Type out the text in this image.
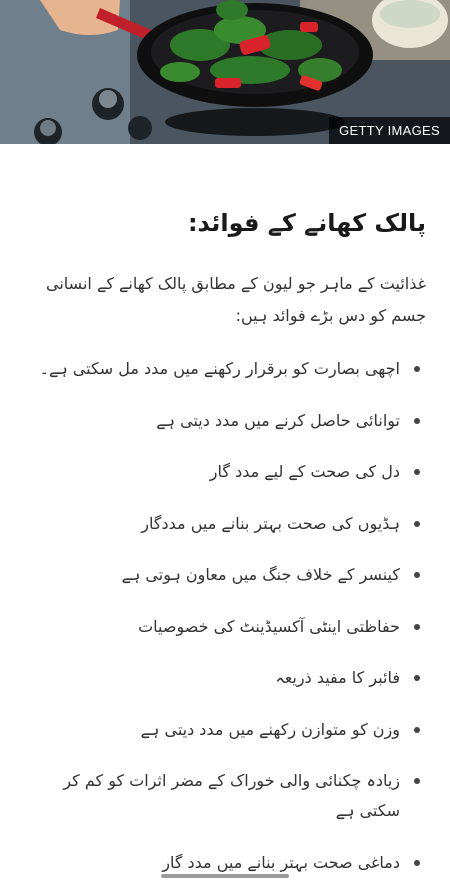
GETTY IMAGES
پالک کھانے کے فوائد:

غذائیت کے ماہر جو لیون کے مطابق پالک کھانے کے انسانی جسم کو دس بڑے فوائد ہیں:

اچھی بصارت کو برقرار رکھنے میں مدد مل سکتی ہے۔
توانائی حاصل کرنے میں مدد دیتی ہے
دل کی صحت کے لیے مدد گار
ہڈیوں کی صحت بہتر بنانے میں مددگار
کینسر کے خلاف جنگ میں معاون ہوتی ہے
حفاظتی اینٹی آکسیڈینٹ کی خصوصیات
فائبر کا مفید ذریعہ
وزن کو متوازن رکھنے میں مدد دیتی ہے
زیادہ چکنائی والی خوراک کے مضر اثرات کو کم کر سکتی ہے
دماغی صحت بہتر بنانے میں مدد گار
